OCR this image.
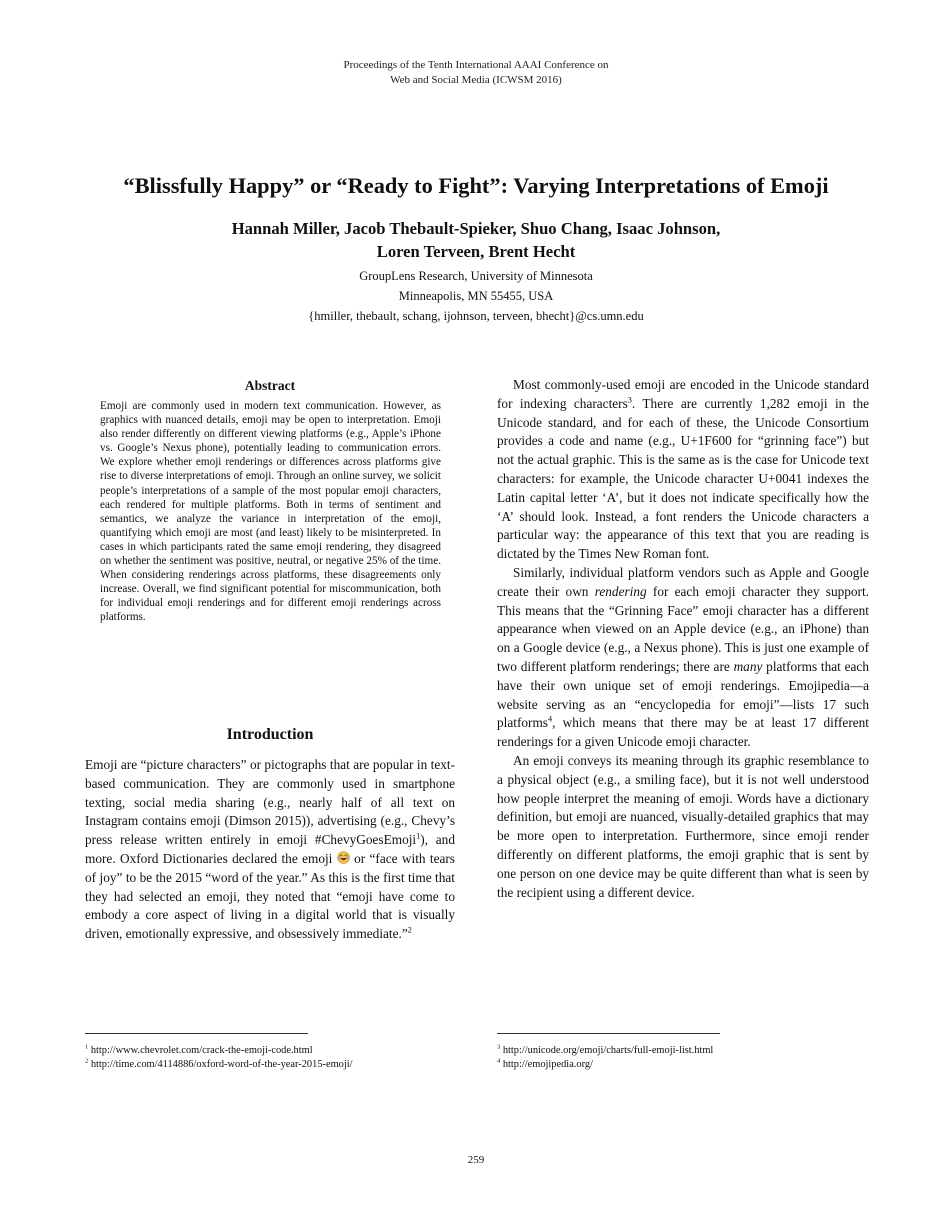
Proceedings of the Tenth International AAAI Conference on
Web and Social Media (ICWSM 2016)
“Blissfully Happy” or “Ready to Fight”: Varying Interpretations of Emoji
Hannah Miller, Jacob Thebault-Spieker, Shuo Chang, Isaac Johnson,
Loren Terveen, Brent Hecht
GroupLens Research, University of Minnesota
Minneapolis, MN 55455, USA
{hmiller, thebault, schang, ijohnson, terveen, bhecht}@cs.umn.edu
Abstract

Emoji are commonly used in modern text communication. However, as graphics with nuanced details, emoji may be open to interpretation. Emoji also render differently on different viewing platforms (e.g., Apple’s iPhone vs. Google’s Nexus phone), potentially leading to communication errors. We explore whether emoji renderings or differences across platforms give rise to diverse interpretations of emoji. Through an online survey, we solicit people’s interpretations of a sample of the most popular emoji characters, each rendered for multiple platforms. Both in terms of sentiment and semantics, we analyze the variance in interpretation of the emoji, quantifying which emoji are most (and least) likely to be misinterpreted. In cases in which participants rated the same emoji rendering, they disagreed on whether the sentiment was positive, neutral, or negative 25% of the time. When considering renderings across platforms, these disagreements only increase. Overall, we find significant potential for miscommunication, both for individual emoji renderings and for different emoji renderings across platforms.

Introduction

Emoji are “picture characters” or pictographs that are popular in text-based communication. They are commonly used in smartphone texting, social media sharing (e.g., nearly half of all text on Instagram contains emoji (Dimson 2015)), advertising (e.g., Chevy’s press release written entirely in emoji #ChevyGoesEmoji$^1$), and more. Oxford Dictionaries declared the emoji  or “face with tears of joy” to be the 2015 “word of the year.” As this is the first time that they had selected an emoji, they noted that “emoji have come to embody a core aspect of living in a digital world that is visually driven, emotionally expressive, and obsessively immediate.”$^2$

Most commonly-used emoji are encoded in the Unicode standard for indexing characters$^3$. There are currently 1,282 emoji in the Unicode standard, and for each of these, the Unicode Consortium provides a code and name (e.g., U+1F600 for “grinning face”) but not the actual graphic. This is the same as is the case for Unicode text characters: for example, the Unicode character U+0041 indexes the Latin capital letter ‘A’, but it does not indicate specifically how the ‘A’ should look. Instead, a font renders the Unicode characters a particular way: the appearance of this text that you are reading is dictated by the Times New Roman font.

Similarly, individual platform vendors such as Apple and Google create their own rendering for each emoji character they support. This means that the “Grinning Face” emoji character has a different appearance when viewed on an Apple device (e.g., an iPhone) than on a Google device (e.g., a Nexus phone). This is just one example of two different platform renderings; there are many platforms that each have their own unique set of emoji renderings. Emojipedia—a website serving as an “encyclopedia for emoji”—lists 17 such platforms$^4$, which means that there may be at least 17 different renderings for a given Unicode emoji character.

An emoji conveys its meaning through its graphic resemblance to a physical object (e.g., a smiling face), but it is not well understood how people interpret the meaning of emoji. Words have a dictionary definition, but emoji are nuanced, visually-detailed graphics that may be more open to interpretation. Furthermore, since emoji render differently on different platforms, the emoji graphic that is sent by one person on one device may be quite different than what is seen by the recipient using a different device.

$^1$ http://www.chevrolet.com/crack-the-emoji-code.html
$^2$ http://time.com/4114886/oxford-word-of-the-year-2015-emoji/
$^3$ http://unicode.org/emoji/charts/full-emoji-list.html
$^4$ http://emojipedia.org/
259
